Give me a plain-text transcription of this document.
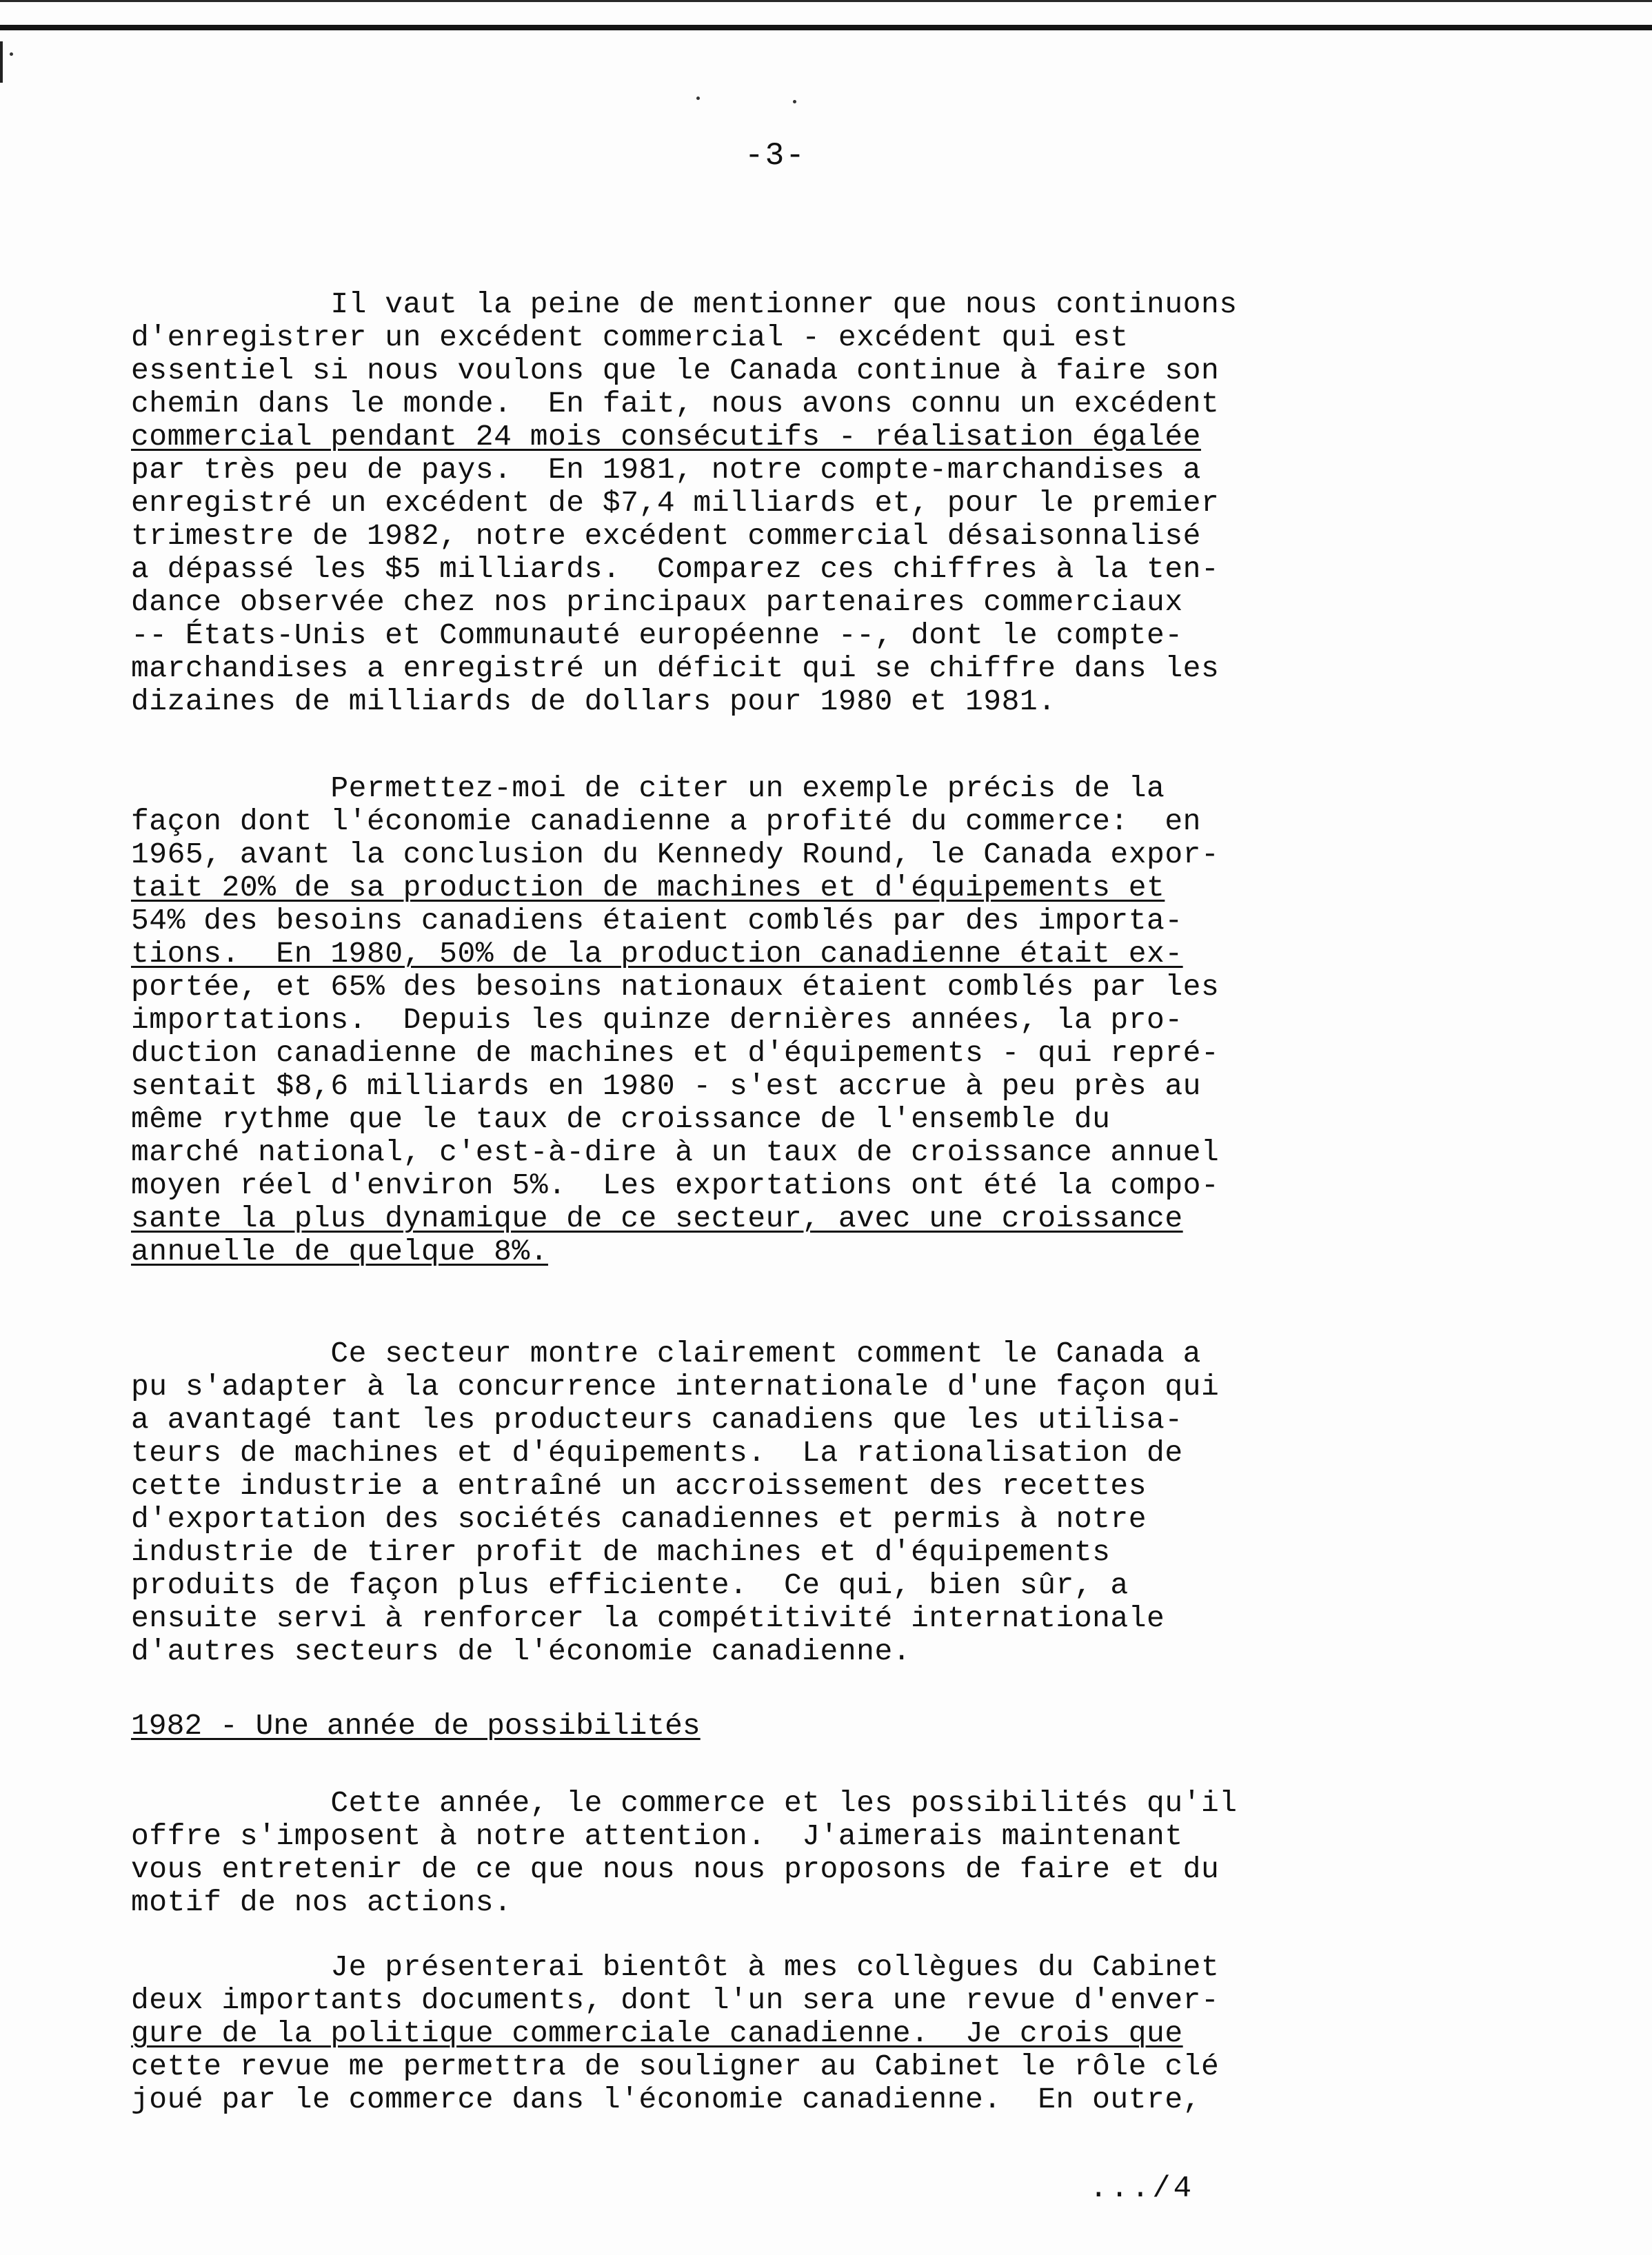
-3-
Il vaut la peine de mentionner que nous continuons
d'enregistrer un excédent commercial - excédent qui est
essentiel si nous voulons que le Canada continue à faire son
chemin dans le monde.  En fait, nous avons connu un excédent
commercial pendant 24 mois consécutifs - réalisation égalée
par très peu de pays.  En 1981, notre compte-marchandises a
enregistré un excédent de $7,4 milliards et, pour le premier
trimestre de 1982, notre excédent commercial désaisonnalisé
a dépassé les $5 milliards.  Comparez ces chiffres à la ten-
dance observée chez nos principaux partenaires commerciaux
-- États-Unis et Communauté européenne --, dont le compte-
marchandises a enregistré un déficit qui se chiffre dans les
dizaines de milliards de dollars pour 1980 et 1981.
Permettez-moi de citer un exemple précis de la
façon dont l'économie canadienne a profité du commerce:  en
1965, avant la conclusion du Kennedy Round, le Canada expor-
tait 20% de sa production de machines et d'équipements et
54% des besoins canadiens étaient comblés par des importa-
tions.  En 1980, 50% de la production canadienne était ex-
portée, et 65% des besoins nationaux étaient comblés par les
importations.  Depuis les quinze dernières années, la pro-
duction canadienne de machines et d'équipements - qui repré-
sentait $8,6 milliards en 1980 - s'est accrue à peu près au
même rythme que le taux de croissance de l'ensemble du
marché national, c'est-à-dire à un taux de croissance annuel
moyen réel d'environ 5%.  Les exportations ont été la compo-
sante la plus dynamique de ce secteur, avec une croissance
annuelle de quelque 8%.
Ce secteur montre clairement comment le Canada a
pu s'adapter à la concurrence internationale d'une façon qui
a avantagé tant les producteurs canadiens que les utilisa-
teurs de machines et d'équipements.  La rationalisation de
cette industrie a entraîné un accroissement des recettes
d'exportation des sociétés canadiennes et permis à notre
industrie de tirer profit de machines et d'équipements
produits de façon plus efficiente.  Ce qui, bien sûr, a
ensuite servi à renforcer la compétitivité internationale
d'autres secteurs de l'économie canadienne.
1982 - Une année de possibilités
Cette année, le commerce et les possibilités qu'il
offre s'imposent à notre attention.  J'aimerais maintenant
vous entretenir de ce que nous nous proposons de faire et du
motif de nos actions.
Je présenterai bientôt à mes collègues du Cabinet
deux importants documents, dont l'un sera une revue d'enver-
gure de la politique commerciale canadienne.  Je crois que
cette revue me permettra de souligner au Cabinet le rôle clé
joué par le commerce dans l'économie canadienne.  En outre,
.../4
